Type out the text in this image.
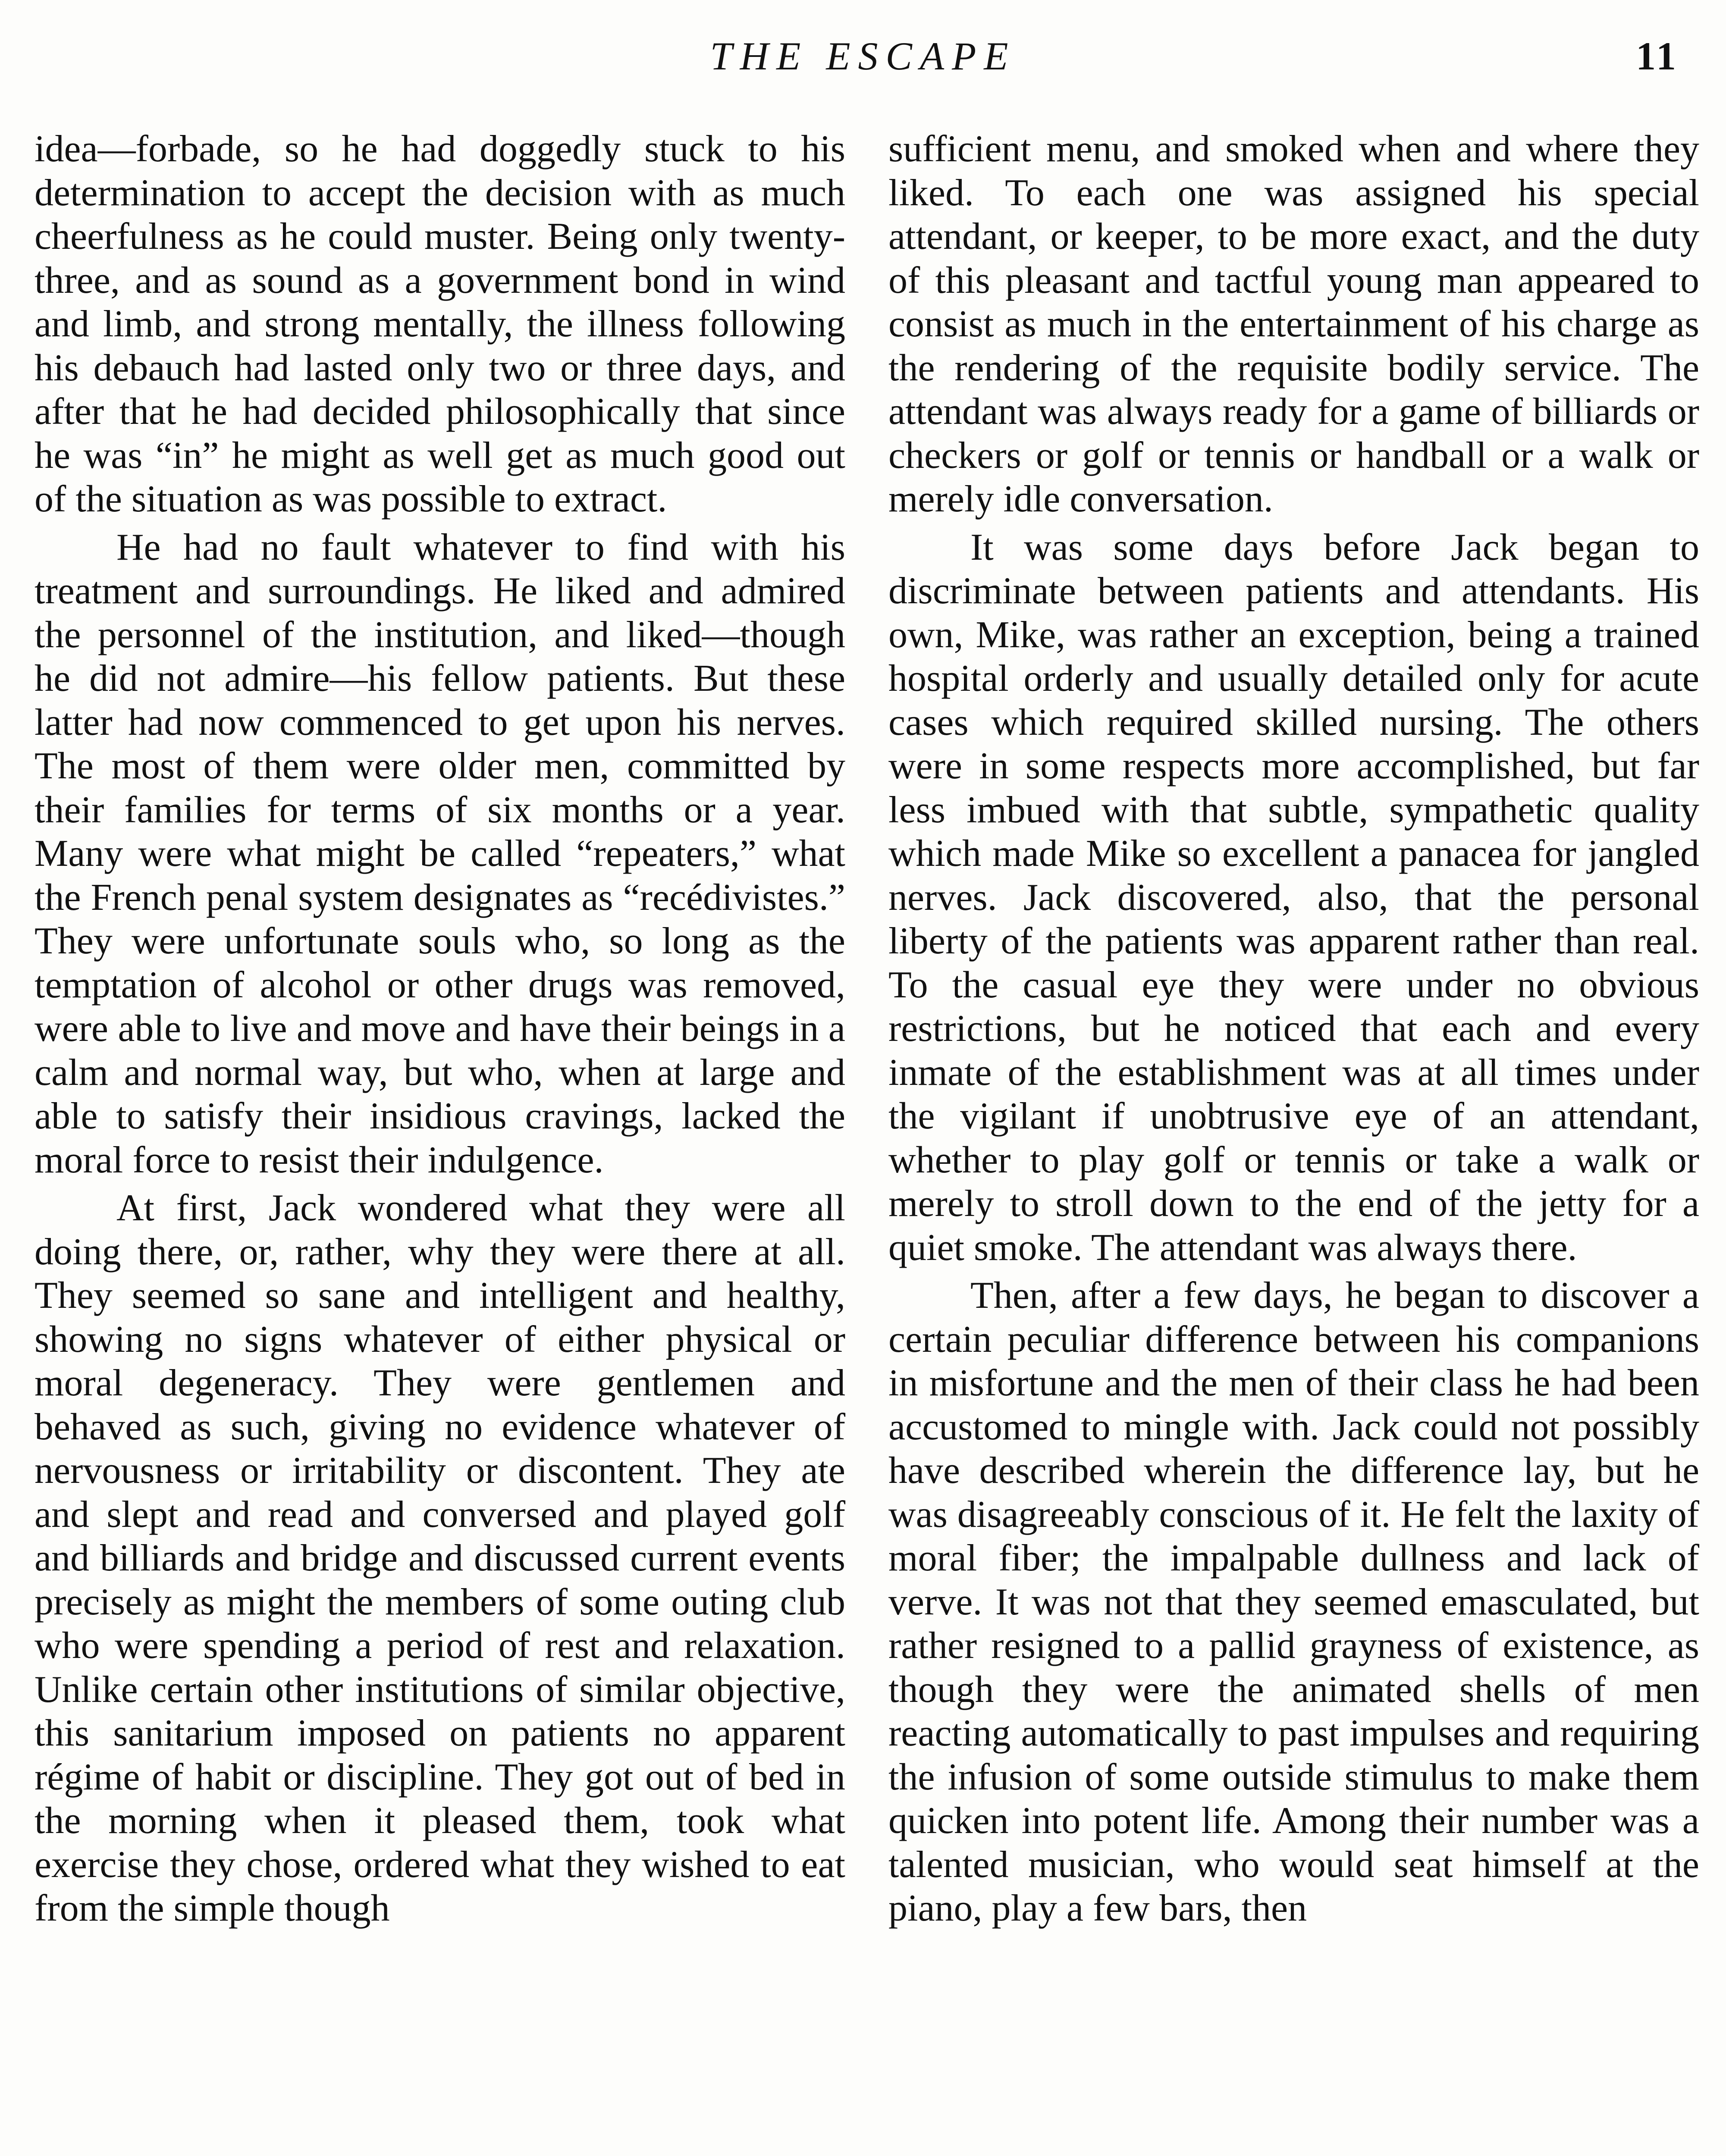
THE ESCAPE	11

idea—forbade, so he had doggedly stuck to his determination to accept the decision with as much cheerfulness as he could muster. Being only twenty-three, and as sound as a government bond in wind and limb, and strong mentally, the illness following his debauch had lasted only two or three days, and after that he had decided philosophically that since he was “in” he might as well get as much good out of the situation as was possible to extract.

He had no fault whatever to find with his treatment and surroundings. He liked and admired the personnel of the institution, and liked—though he did not admire—his fellow patients. But these latter had now commenced to get upon his nerves. The most of them were older men, committed by their families for terms of six months or a year. Many were what might be called “repeaters,” what the French penal system designates as “recédivistes.” They were unfortunate souls who, so long as the temptation of alcohol or other drugs was removed, were able to live and move and have their beings in a calm and normal way, but who, when at large and able to satisfy their insidious cravings, lacked the moral force to resist their indulgence.

At first, Jack wondered what they were all doing there, or, rather, why they were there at all. They seemed so sane and intelligent and healthy, showing no signs whatever of either physical or moral degeneracy. They were gentlemen and behaved as such, giving no evidence whatever of nervousness or irritability or discontent. They ate and slept and read and conversed and played golf and billiards and bridge and discussed current events precisely as might the members of some outing club who were spending a period of rest and relaxation. Unlike certain other institutions of similar objective, this sanitarium imposed on patients no apparent régime of habit or discipline. They got out of bed in the morning when it pleased them, took what exercise they chose, ordered what they wished to eat from the simple though

sufficient menu, and smoked when and where they liked. To each one was assigned his special attendant, or keeper, to be more exact, and the duty of this pleasant and tactful young man appeared to consist as much in the entertainment of his charge as the rendering of the requisite bodily service. The attendant was always ready for a game of billiards or checkers or golf or tennis or handball or a walk or merely idle conversation.

It was some days before Jack began to discriminate between patients and attendants. His own, Mike, was rather an exception, being a trained hospital orderly and usually detailed only for acute cases which required skilled nursing. The others were in some respects more accomplished, but far less imbued with that subtle, sympathetic quality which made Mike so excellent a panacea for jangled nerves. Jack discovered, also, that the personal liberty of the patients was apparent rather than real. To the casual eye they were under no obvious restrictions, but he noticed that each and every inmate of the establishment was at all times under the vigilant if unobtrusive eye of an attendant, whether to play golf or tennis or take a walk or merely to stroll down to the end of the jetty for a quiet smoke. The attendant was always there.

Then, after a few days, he began to discover a certain peculiar difference between his companions in misfortune and the men of their class he had been accustomed to mingle with. Jack could not possibly have described wherein the difference lay, but he was disagreeably conscious of it. He felt the laxity of moral fiber; the impalpable dullness and lack of verve. It was not that they seemed emasculated, but rather resigned to a pallid grayness of existence, as though they were the animated shells of men reacting automatically to past impulses and requiring the infusion of some outside stimulus to make them quicken into potent life. Among their number was a talented musician, who would seat himself at the piano, play a few bars, then
